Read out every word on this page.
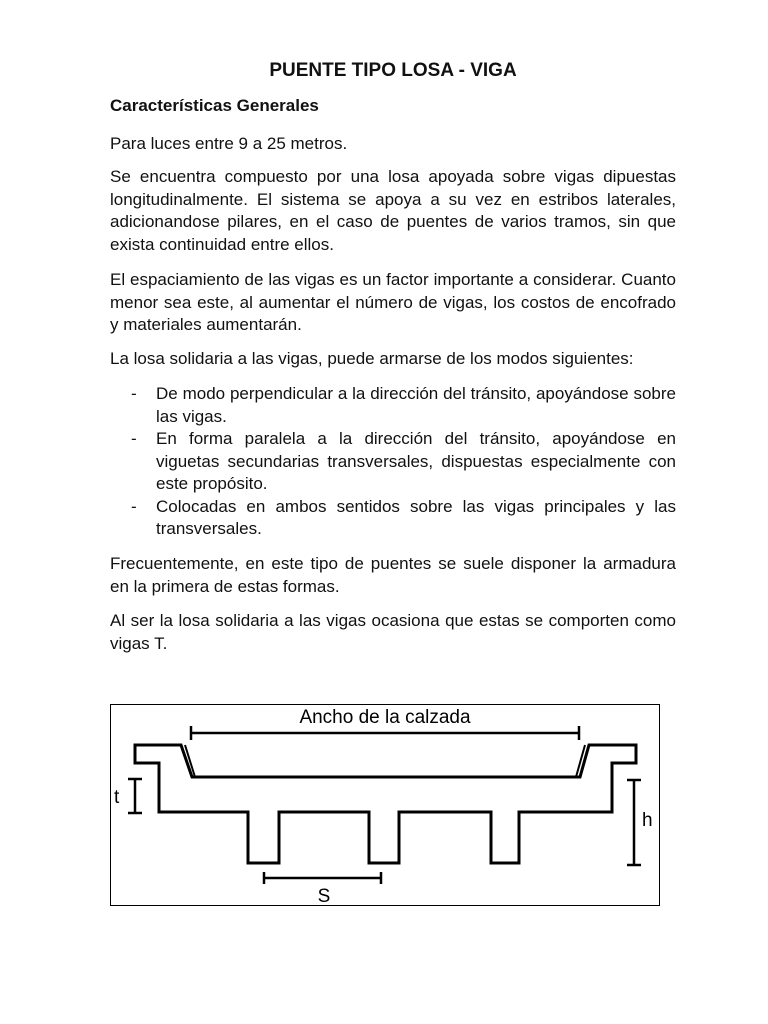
PUENTE TIPO LOSA - VIGA
Características Generales

Para luces entre 9 a 25 metros.

Se encuentra compuesto por una losa apoyada sobre vigas dipuestas longitudinalmente. El sistema se apoya a su vez en estribos laterales, adicionandose pilares, en el caso de puentes de varios tramos, sin que exista continuidad entre ellos.

El espaciamiento de las vigas es un factor importante a considerar. Cuanto menor sea este, al aumentar el número de vigas, los costos de encofrado y materiales aumentarán.

La losa solidaria a las vigas, puede armarse de los modos siguientes:

- De modo perpendicular a la dirección del tránsito, apoyándose sobre las vigas.
- En forma paralela a la dirección del tránsito, apoyándose en viguetas secundarias transversales, dispuestas especialmente con este propósito.
- Colocadas en ambos sentidos sobre las vigas principales y las transversales.

Frecuentemente, en este tipo de puentes se suele disponer la armadura en la primera de estas formas.

Al ser la losa solidaria a las vigas ocasiona que estas se comporten como vigas T.

Ancho de la calzada
t
h
S
